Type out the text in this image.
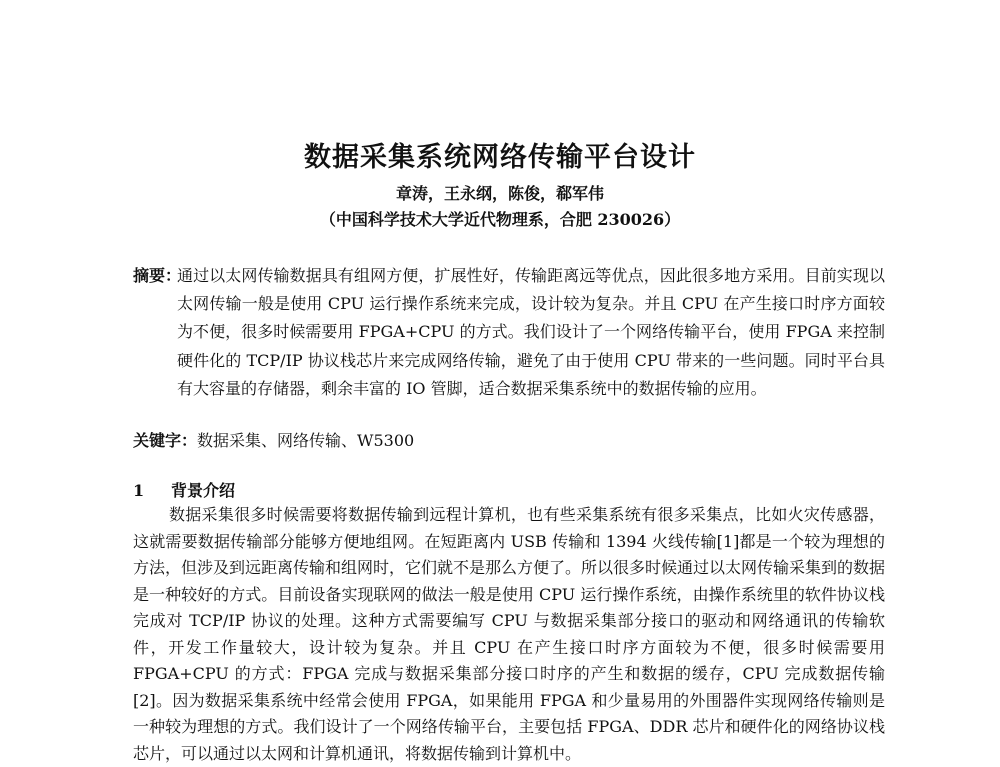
数据采集系统网络传输平台设计
章涛，王永纲，陈俊，郗军伟
（中国科学技术大学近代物理系，合肥 230026）
摘要：
通过以太网传输数据具有组网方便，扩展性好，传输距离远等优点，因此很多地方采用。目前实现以太网传输一般是使用 CPU 运行操作系统来完成，设计较为复杂。并且 CPU 在产生接口时序方面较为不便，很多时候需要用 FPGA+CPU 的方式。我们设计了一个网络传输平台，使用 FPGA 来控制硬件化的 TCP/IP 协议栈芯片来完成网络传输，避免了由于使用 CPU 带来的一些问题。同时平台具有大容量的存储器，剩余丰富的 IO 管脚，适合数据采集系统中的数据传输的应用。
关键字：数据采集、网络传输、W5300
1 背景介绍
数据采集很多时候需要将数据传输到远程计算机，也有些采集系统有很多采集点，比如火灾传感器，这就需要数据传输部分能够方便地组网。在短距离内 USB 传输和 1394 火线传输[1]都是一个较为理想的方法，但涉及到远距离传输和组网时，它们就不是那么方便了。所以很多时候通过以太网传输采集到的数据是一种较好的方式。目前设备实现联网的做法一般是使用 CPU 运行操作系统，由操作系统里的软件协议栈完成对 TCP/IP 协议的处理。这种方式需要编写 CPU 与数据采集部分接口的驱动和网络通讯的传输软件，开发工作量较大，设计较为复杂。并且 CPU 在产生接口时序方面较为不便，很多时候需要用 FPGA+CPU 的方式：FPGA 完成与数据采集部分接口时序的产生和数据的缓存，CPU 完成数据传输[2]。因为数据采集系统中经常会使用 FPGA，如果能用 FPGA 和少量易用的外围器件实现网络传输则是一种较为理想的方式。我们设计了一个网络传输平台，主要包括 FPGA、DDR 芯片和硬件化的网络协议栈芯片，可以通过以太网和计算机通讯，将数据传输到计算机中。
